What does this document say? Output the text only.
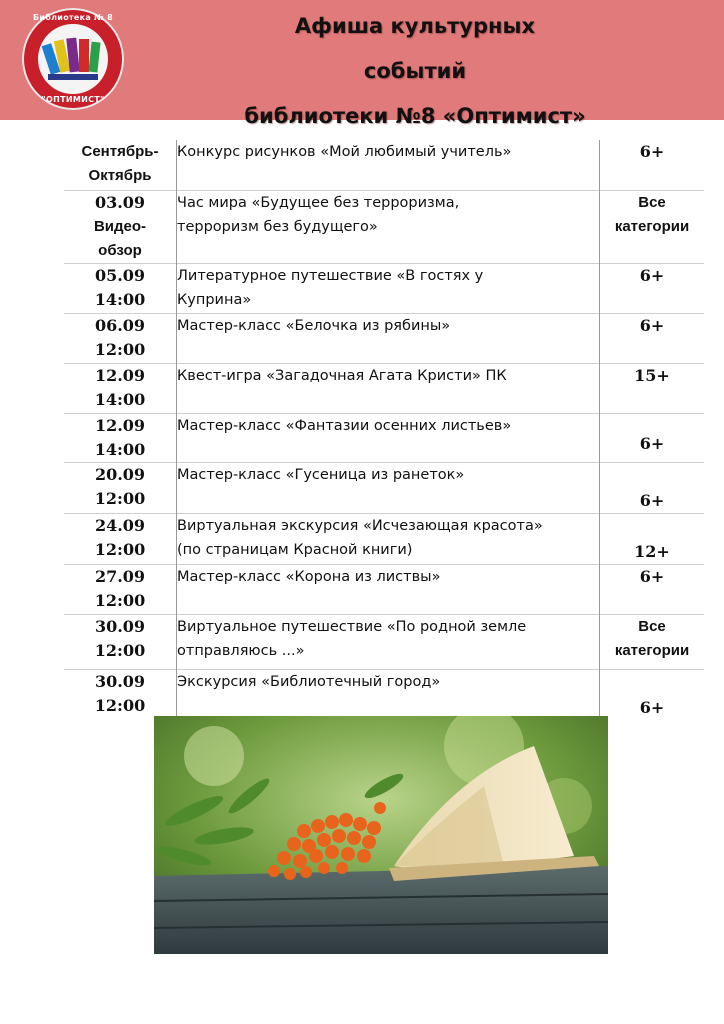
Библиотека № 8
"ОПТИМИСТ"
Афиша культурных
событий
библиотеки №8 «Оптимист»
Сентябрь-
Октябрь	Конкурс рисунков «Мой любимый учитель»	6+

03.09
Видео-
обзор	Час мира «Будущее без терроризма,
терроризм без будущего»	Все
категории

05.09
14:00	Литературное путешествие «В гостях у
Куприна»	6+

06.09
12:00	Мастер-класс «Белочка из рябины»	6+

12.09
14:00	Квест-игра «Загадочная Агата Кристи» ПК	15+

12.09
14:00	Мастер-класс «Фантазии осенних листьев»	6+

20.09
12:00	Мастер-класс «Гусеница из ранеток»	6+

24.09
12:00	Виртуальная экскурсия «Исчезающая красота»
(по страницам Красной книги)	12+

27.09
12:00	Мастер-класс «Корона из листвы»	6+

30.09
12:00	Виртуальное путешествие «По родной земле
отправляюсь ...»	Все
категории

30.09
12:00	Экскурсия «Библиотечный город»	6+
